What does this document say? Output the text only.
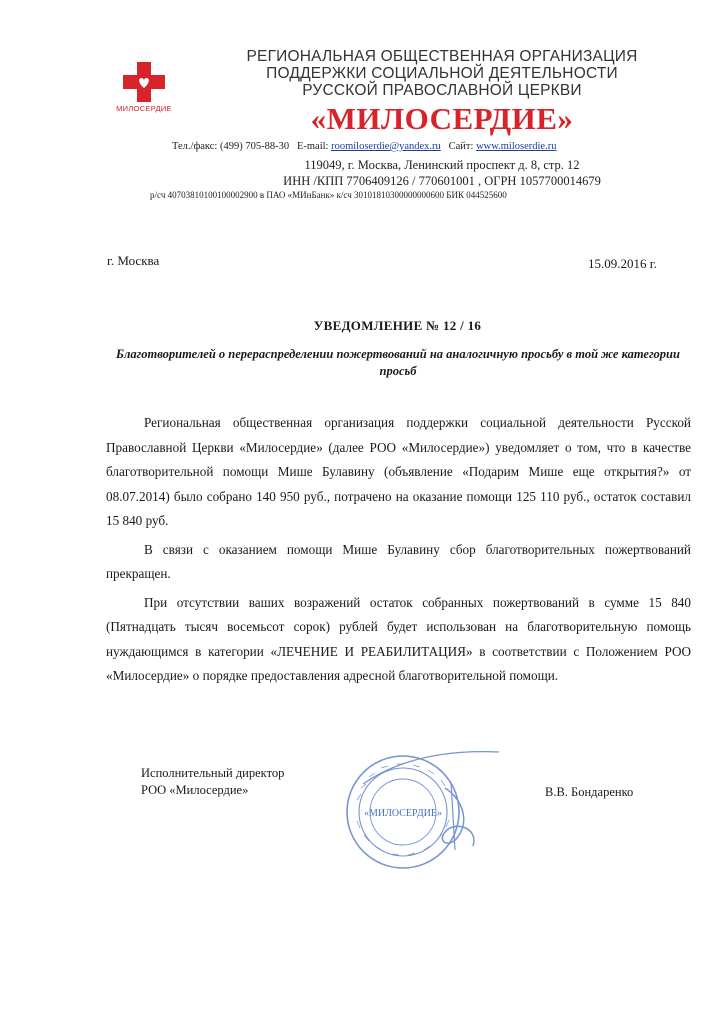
МИЛОСЕРДИЕ
РЕГИОНАЛЬНАЯ ОБЩЕСТВЕННАЯ ОРГАНИЗАЦИЯ
ПОДДЕРЖКИ СОЦИАЛЬНОЙ ДЕЯТЕЛЬНОСТИ
РУССКОЙ ПРАВОСЛАВНОЙ ЦЕРКВИ
«МИЛОСЕРДИЕ»
Тел./факс: (499) 705-88-30 E-mail: roomiloserdie@yandex.ru Сайт: www.miloserdie.ru
119049, г. Москва, Ленинский проспект д. 8, стр. 12
ИНН /КПП 7706409126 / 770601001 , ОГРН 1057700014679
р/сч 40703810100100002900 в ПАО «МИнБанк» к/сч 30101810300000000600 БИК 044525600
г. Москва	15.09.2016 г.
УВЕДОМЛЕНИЕ № 12 / 16
Благотворителей о перераспределении пожертвований на аналогичную просьбу в той же категории просьб

Региональная общественная организация поддержки социальной деятельности Русской Православной Церкви «Милосердие» (далее РОО «Милосердие») уведомляет о том, что в качестве благотворительной помощи Мише Булавину (объявление «Подарим Мише еще открытия?» от 08.07.2014) было собрано 140 950 руб., потрачено на оказание помощи 125 110 руб., остаток составил 15 840 руб.

В связи с оказанием помощи Мише Булавину сбор благотворительных пожертвований прекращен.

При отсутствии ваших возражений остаток собранных пожертвований в сумме 15 840 (Пятнадцать тысяч восемьсот сорок) рублей будет использован на благотворительную помощь нуждающимся в категории «ЛЕЧЕНИЕ И РЕАБИЛИТАЦИЯ» в соответствии с Положением РОО «Милосердие» о порядке предоставления адресной благотворительной помощи.

Исполнительный директор
РОО «Милосердие»
«МИЛОСЕРДИЕ»
В.В. Бондаренко
